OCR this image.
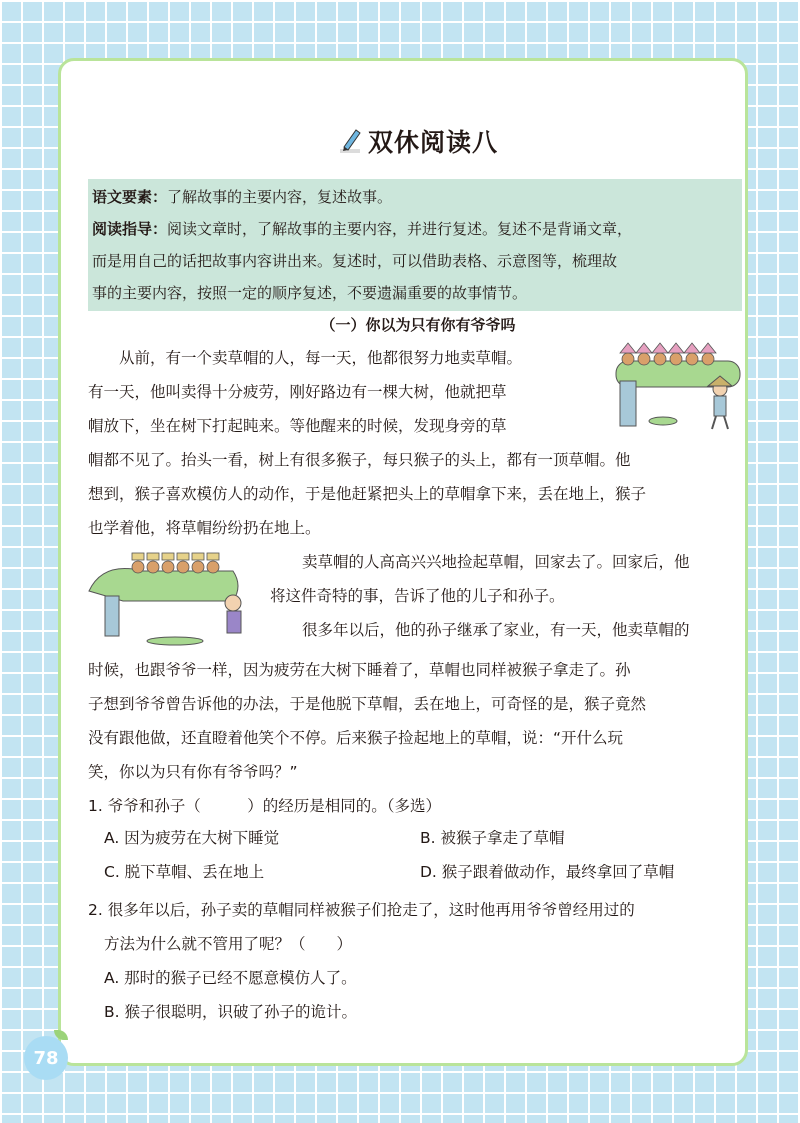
双休阅读八
语文要素：了解故事的主要内容，复述故事。
阅读指导：阅读文章时，了解故事的主要内容，并进行复述。复述不是背诵文章，
而是用自己的话把故事内容讲出来。复述时，可以借助表格、示意图等，梳理故
事的主要内容，按照一定的顺序复述，不要遗漏重要的故事情节。
（一）你以为只有你有爷爷吗

从前，有一个卖草帽的人，每一天，他都很努力地卖草帽。

有一天，他叫卖得十分疲劳，刚好路边有一棵大树，他就把草

帽放下，坐在树下打起盹来。等他醒来的时候，发现身旁的草

帽都不见了。抬头一看，树上有很多猴子，每只猴子的头上，都有一顶草帽。他

想到，猴子喜欢模仿人的动作，于是他赶紧把头上的草帽拿下来，丢在地上，猴子

也学着他，将草帽纷纷扔在地上。

卖草帽的人高高兴兴地捡起草帽，回家去了。回家后，他

将这件奇特的事，告诉了他的儿子和孙子。

很多年以后，他的孙子继承了家业，有一天，他卖草帽的

时候，也跟爷爷一样，因为疲劳在大树下睡着了，草帽也同样被猴子拿走了。孙

子想到爷爷曾告诉他的办法，于是他脱下草帽，丢在地上，可奇怪的是，猴子竟然

没有跟他做，还直瞪着他笑个不停。后来猴子捡起地上的草帽，说：“开什么玩

笑，你以为只有你有爷爷吗？”

1. 爷爷和孙子（　　　）的经历是相同的。（多选）

A. 因为疲劳在大树下睡觉	B. 被猴子拿走了草帽
C. 脱下草帽、丢在地上	D. 猴子跟着做动作，最终拿回了草帽

2. 很多年以后，孙子卖的草帽同样被猴子们抢走了，这时他再用爷爷曾经用过的

方法为什么就不管用了呢？（　　）

A. 那时的猴子已经不愿意模仿人了。
B. 猴子很聪明，识破了孙子的诡计。
78
